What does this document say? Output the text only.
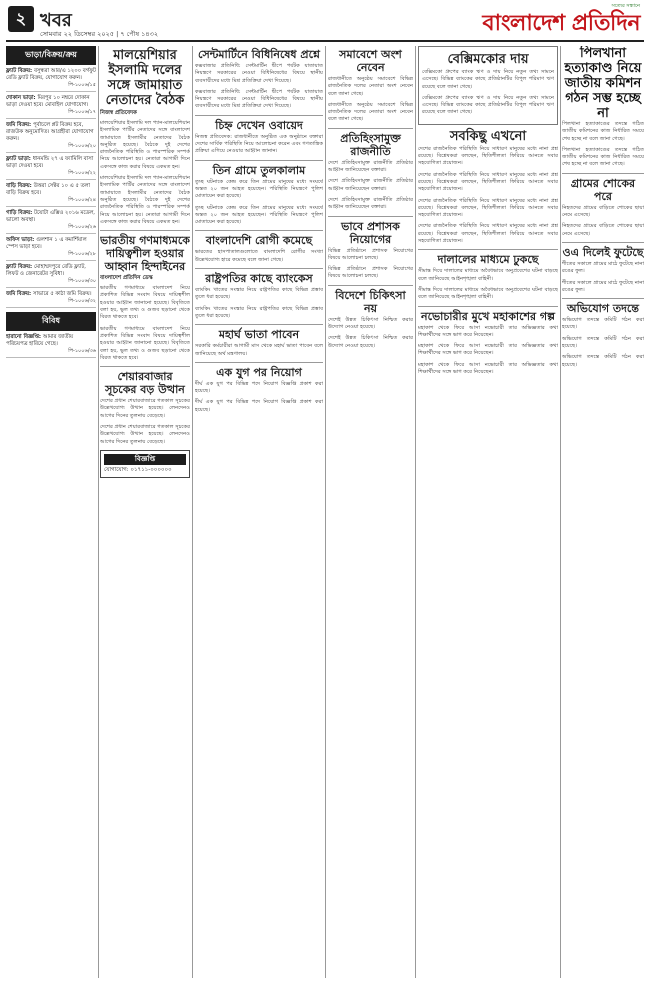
২ খবর
সোমবার ২২ ডিসেম্বর ২০২৫ | ৭ পৌষ ১৪৩২
সত্যের সন্ধানে
বাংলাদেশ প্রতিদিন
ভাড়া/বিক্রয়/ক্রয়
ফ্ল্যাট বিক্রয়: বসুন্ধরা আর/এ ১২০০ বর্গফুট রেডি ফ্ল্যাট বিক্রয়, যোগাযোগ করুন।
পি-১০০৬/১৫
দোকান ভাড়া: মিরপুর ১০ নম্বরে দোকান ভাড়া দেওয়া হবে। মোবাইল যোগাযোগ।
পি-১০০৬/১৭
জমি বিক্রয়: পূর্বাচলে প্লট বিক্রয় হবে, রাজউক অনুমোদিত। আগ্রহীরা যোগাযোগ করুন।
পি-১০০৬/২০
ফ্ল্যাট ভাড়া: ধানমন্ডি ২৭ এ ফ্যামিলি বাসা ভাড়া দেওয়া হবে।
পি-১০০৬/২২
বাড়ি বিক্রয়: উত্তরা সেক্টর ১০ এ ৫ তলা বাড়ি বিক্রয় হবে।
পি-১০০৬/২৪
গাড়ি বিক্রয়: টয়োটা এক্সিও ২০১৬ মডেল, ভালো অবস্থা।
পি-১০০৬/২৬
অফিস ভাড়া: গুলশান ১ এ কমার্শিয়াল স্পেস ভাড়া হবে।
পি-১০০৬/২৮
ফ্ল্যাট বিক্রয়: মোহাম্মদপুরে রেডি ফ্ল্যাট, লিফট ও জেনারেটর সুবিধা।
পি-১০০৬/৩০
জমি বিক্রয়: সাভারে ৫ কাঠা জমি বিক্রয়।
পি-১০০৬/৩২
বিবিধ
হারানো বিজ্ঞপ্তি: আমার জাতীয় পরিচয়পত্র হারিয়ে গেছে।
পি-১০০৬/৩৬
মালয়েশিয়ার ইসলামি দলের সঙ্গে জামায়াত নেতাদের বৈঠক
নিজস্ব প্রতিবেদক

মালয়েশিয়ার ইসলামি দল প্যান-মালয়েশিয়ান ইসলামিক পার্টির নেতাদের সঙ্গে বাংলাদেশ জামায়াতে ইসলামীর নেতাদের বৈঠক অনুষ্ঠিত হয়েছে। বৈঠকে দুই দেশের রাজনৈতিক পরিস্থিতি ও পারস্পরিক সম্পর্ক নিয়ে আলোচনা হয়। নেতারা আগামী দিনে একসঙ্গে কাজ করার বিষয়ে একমত হন।

মালয়েশিয়ার ইসলামি দল প্যান-মালয়েশিয়ান ইসলামিক পার্টির নেতাদের সঙ্গে বাংলাদেশ জামায়াতে ইসলামীর নেতাদের বৈঠক অনুষ্ঠিত হয়েছে। বৈঠকে দুই দেশের রাজনৈতিক পরিস্থিতি ও পারস্পরিক সম্পর্ক নিয়ে আলোচনা হয়। নেতারা আগামী দিনে একসঙ্গে কাজ করার বিষয়ে একমত হন।

ভারতীয় গণমাধ্যমকে দায়িত্বশীল হওয়ার আহ্বান হিন্দাইনের
বাংলাদেশ প্রতিদিন ডেস্ক

ভারতীয় গণমাধ্যমে বাংলাদেশ নিয়ে প্রকাশিত বিভিন্ন সংবাদ বিষয়ে দায়িত্বশীল হওয়ার আহ্বান জানানো হয়েছে। বিবৃতিতে বলা হয়, ভুল তথ্য ও গুজব ছড়ানো থেকে বিরত থাকতে হবে।

ভারতীয় গণমাধ্যমে বাংলাদেশ নিয়ে প্রকাশিত বিভিন্ন সংবাদ বিষয়ে দায়িত্বশীল হওয়ার আহ্বান জানানো হয়েছে। বিবৃতিতে বলা হয়, ভুল তথ্য ও গুজব ছড়ানো থেকে বিরত থাকতে হবে।

শেয়ারবাজার সূচকের বড় উত্থান

দেশের প্রধান শেয়ারবাজারে গতকাল সূচকের উল্লেখযোগ্য উত্থান হয়েছে। লেনদেনও আগের দিনের তুলনায় বেড়েছে।

দেশের প্রধান শেয়ারবাজারে গতকাল সূচকের উল্লেখযোগ্য উত্থান হয়েছে। লেনদেনও আগের দিনের তুলনায় বেড়েছে।

বিজ্ঞপ্তি
যোগাযোগ: ০১৭১১-০০০০০০
সেন্টমার্টিনে বিধিনিষেধ প্রশ্নে

কক্সবাজার প্রতিনিধি: সেন্টমার্টিন দ্বীপে পর্যটক যাতায়াত নিয়ন্ত্রণে সরকারের নেওয়া বিধিনিষেধের বিষয়ে স্থানীয় ব্যবসায়ীদের মধ্যে মিশ্র প্রতিক্রিয়া দেখা দিয়েছে।

কক্সবাজার প্রতিনিধি: সেন্টমার্টিন দ্বীপে পর্যটক যাতায়াত নিয়ন্ত্রণে সরকারের নেওয়া বিধিনিষেধের বিষয়ে স্থানীয় ব্যবসায়ীদের মধ্যে মিশ্র প্রতিক্রিয়া দেখা দিয়েছে।

চিহ্ন দেখেন ওবায়েদ

নিজস্ব প্রতিবেদক: রাজধানীতে অনুষ্ঠিত এক অনুষ্ঠানে বক্তারা দেশের সার্বিক পরিস্থিতি নিয়ে আলোচনা করেন এবং গণতান্ত্রিক প্রক্রিয়া এগিয়ে নেওয়ার আহ্বান জানান।

তিন গ্রামে তুলকালাম

তুচ্ছ ঘটনাকে কেন্দ্র করে তিন গ্রামের মানুষের মধ্যে সংঘর্ষে অন্তত ২০ জন আহত হয়েছেন। পরিস্থিতি নিয়ন্ত্রণে পুলিশ মোতায়েন করা হয়েছে।

তুচ্ছ ঘটনাকে কেন্দ্র করে তিন গ্রামের মানুষের মধ্যে সংঘর্ষে অন্তত ২০ জন আহত হয়েছেন। পরিস্থিতি নিয়ন্ত্রণে পুলিশ মোতায়েন করা হয়েছে।

বাংলাদেশি রোগী কমেছে

ভারতের হাসপাতালগুলোতে বাংলাদেশি রোগীর সংখ্যা উল্লেখযোগ্য হারে কমেছে বলে জানা গেছে।

রাষ্ট্রপতির কাছে ব্যাংকেস

ব্যাংকিং খাতের সংস্কার নিয়ে রাষ্ট্রপতির কাছে বিভিন্ন প্রস্তাব তুলে ধরা হয়েছে।

ব্যাংকিং খাতের সংস্কার নিয়ে রাষ্ট্রপতির কাছে বিভিন্ন প্রস্তাব তুলে ধরা হয়েছে।

মহার্ঘ ভাতা পাবেন

সরকারি কর্মচারীরা আগামী মাস থেকে মহার্ঘ ভাতা পাবেন বলে জানিয়েছে অর্থ মন্ত্রণালয়।

এক যুগ পর নিয়োগ

দীর্ঘ এক যুগ পর বিভিন্ন পদে নিয়োগ বিজ্ঞপ্তি প্রকাশ করা হয়েছে।

দীর্ঘ এক যুগ পর বিভিন্ন পদে নিয়োগ বিজ্ঞপ্তি প্রকাশ করা হয়েছে।

সমাবেশে অংশ নেবেন

রাজধানীতে অনুষ্ঠেয় সমাবেশে বিভিন্ন রাজনৈতিক দলের নেতারা অংশ নেবেন বলে জানা গেছে।

রাজধানীতে অনুষ্ঠেয় সমাবেশে বিভিন্ন রাজনৈতিক দলের নেতারা অংশ নেবেন বলে জানা গেছে।

প্রতিহিংসামুক্ত রাজনীতি

দেশে প্রতিহিংসামুক্ত রাজনীতি প্রতিষ্ঠার আহ্বান জানিয়েছেন বক্তারা।

দেশে প্রতিহিংসামুক্ত রাজনীতি প্রতিষ্ঠার আহ্বান জানিয়েছেন বক্তারা।

দেশে প্রতিহিংসামুক্ত রাজনীতি প্রতিষ্ঠার আহ্বান জানিয়েছেন বক্তারা।

ভাবে প্রশাসক নিয়োগের

বিভিন্ন প্রতিষ্ঠানে প্রশাসক নিয়োগের বিষয়ে আলোচনা চলছে।

বিভিন্ন প্রতিষ্ঠানে প্রশাসক নিয়োগের বিষয়ে আলোচনা চলছে।

বিদেশে চিকিৎসা নয়

দেশেই উন্নত চিকিৎসা নিশ্চিত করার উদ্যোগ নেওয়া হয়েছে।

দেশেই উন্নত চিকিৎসা নিশ্চিত করার উদ্যোগ নেওয়া হয়েছে।

বেক্সিমকোর দায়

বেক্সিমকো গ্রুপের ব্যাংক ঋণ ও দায় নিয়ে নতুন তথ্য সামনে এসেছে। বিভিন্ন ব্যাংকের কাছে প্রতিষ্ঠানটির বিপুল পরিমাণ ঋণ রয়েছে বলে জানা গেছে।

বেক্সিমকো গ্রুপের ব্যাংক ঋণ ও দায় নিয়ে নতুন তথ্য সামনে এসেছে। বিভিন্ন ব্যাংকের কাছে প্রতিষ্ঠানটির বিপুল পরিমাণ ঋণ রয়েছে বলে জানা গেছে।

সবকিছু এখনো

দেশের রাজনৈতিক পরিস্থিতি নিয়ে সাধারণ মানুষের মধ্যে নানা প্রশ্ন রয়েছে। বিশ্লেষকরা বলছেন, স্থিতিশীলতা ফিরিয়ে আনতে সবার সহযোগিতা প্রয়োজন।

দেশের রাজনৈতিক পরিস্থিতি নিয়ে সাধারণ মানুষের মধ্যে নানা প্রশ্ন রয়েছে। বিশ্লেষকরা বলছেন, স্থিতিশীলতা ফিরিয়ে আনতে সবার সহযোগিতা প্রয়োজন।

দেশের রাজনৈতিক পরিস্থিতি নিয়ে সাধারণ মানুষের মধ্যে নানা প্রশ্ন রয়েছে। বিশ্লেষকরা বলছেন, স্থিতিশীলতা ফিরিয়ে আনতে সবার সহযোগিতা প্রয়োজন।

দেশের রাজনৈতিক পরিস্থিতি নিয়ে সাধারণ মানুষের মধ্যে নানা প্রশ্ন রয়েছে। বিশ্লেষকরা বলছেন, স্থিতিশীলতা ফিরিয়ে আনতে সবার সহযোগিতা প্রয়োজন।

দালালের মাধ্যমে ঢুকছে

সীমান্ত দিয়ে দালালের মাধ্যমে অবৈধভাবে অনুপ্রবেশের ঘটনা বাড়ছে বলে জানিয়েছে আইনশৃঙ্খলা বাহিনী।

সীমান্ত দিয়ে দালালের মাধ্যমে অবৈধভাবে অনুপ্রবেশের ঘটনা বাড়ছে বলে জানিয়েছে আইনশৃঙ্খলা বাহিনী।

নভোচারীর মুখে মহাকাশের গল্প

মহাকাশ থেকে ফিরে আসা নভোচারী তার অভিজ্ঞতার কথা শিক্ষার্থীদের সঙ্গে ভাগ করে নিয়েছেন।

মহাকাশ থেকে ফিরে আসা নভোচারী তার অভিজ্ঞতার কথা শিক্ষার্থীদের সঙ্গে ভাগ করে নিয়েছেন।

মহাকাশ থেকে ফিরে আসা নভোচারী তার অভিজ্ঞতার কথা শিক্ষার্থীদের সঙ্গে ভাগ করে নিয়েছেন।

পিলখানা হত্যাকাণ্ড নিয়ে জাতীয় কমিশন গঠন সম্ভ হচ্ছে না

পিলখানা হত্যাকাণ্ডের তদন্তে গঠিত জাতীয় কমিশনের কাজ নির্ধারিত সময়ে শেষ হচ্ছে না বলে জানা গেছে।

পিলখানা হত্যাকাণ্ডের তদন্তে গঠিত জাতীয় কমিশনের কাজ নির্ধারিত সময়ে শেষ হচ্ছে না বলে জানা গেছে।

গ্রামের শোকের পরে

নিহতদের গ্রামের বাড়িতে শোকের ছায়া নেমে এসেছে।

নিহতদের গ্রামের বাড়িতে শোকের ছায়া নেমে এসেছে।

ওএ দিলেই ফুটেছে

শীতের সকালে গ্রামের মাঠে ফুটেছে নানা রঙের ফুল।

শীতের সকালে গ্রামের মাঠে ফুটেছে নানা রঙের ফুল।

অভিযোগ তদন্তে

অভিযোগ তদন্তে কমিটি গঠন করা হয়েছে।

অভিযোগ তদন্তে কমিটি গঠন করা হয়েছে।

অভিযোগ তদন্তে কমিটি গঠন করা হয়েছে।
